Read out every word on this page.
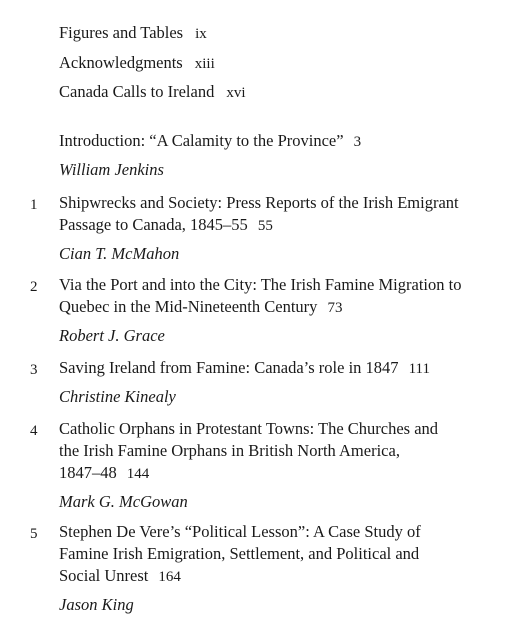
Figures and Tables ix
Acknowledgments xiii
Canada Calls to Ireland xvi
Introduction: “A Calamity to the Province” 3
William Jenkins
1 Shipwrecks and Society: Press Reports of the Irish Emigrant
Passage to Canada, 1845–55 55
Cian T. McMahon
2 Via the Port and into the City: The Irish Famine Migration to
Quebec in the Mid-Nineteenth Century 73
Robert J. Grace
3 Saving Ireland from Famine: Canada’s role in 1847 111
Christine Kinealy
4 Catholic Orphans in Protestant Towns: The Churches and
the Irish Famine Orphans in British North America,
1847–48 144
Mark G. McGowan
5 Stephen De Vere’s “Political Lesson”: A Case Study of
Famine Irish Emigration, Settlement, and Political and
Social Unrest 164
Jason King
